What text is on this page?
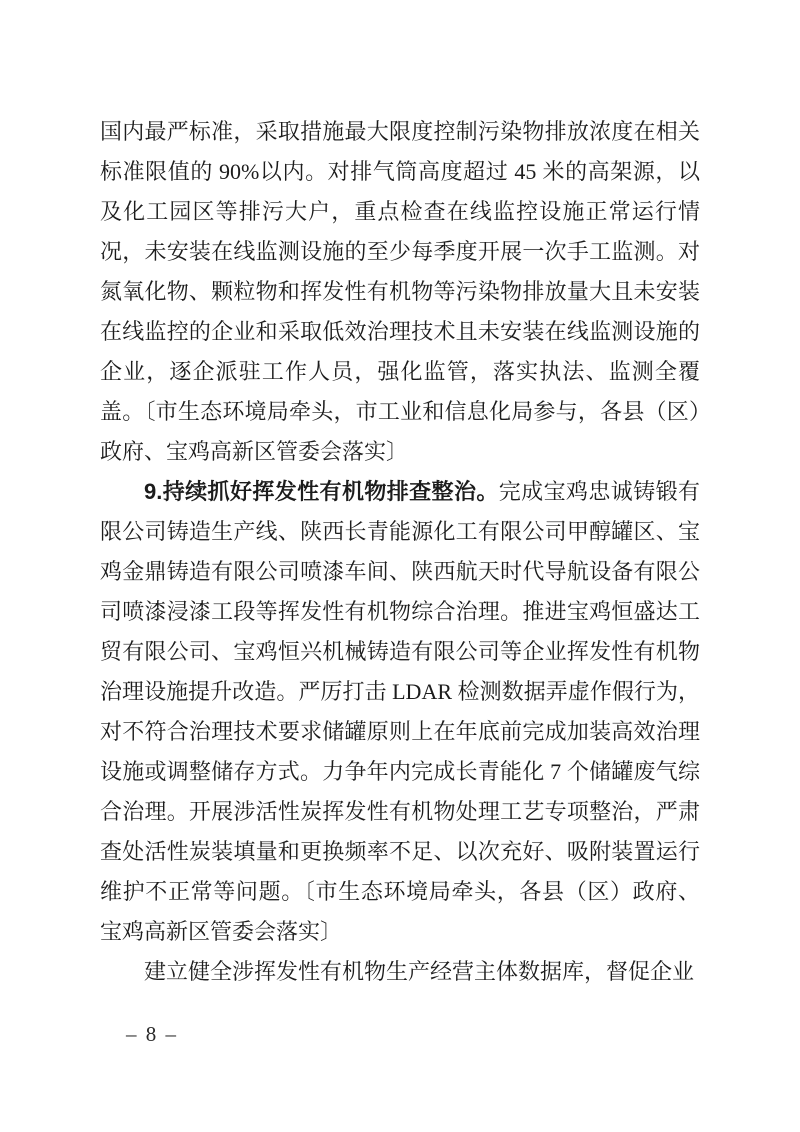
国内最严标准，采取措施最大限度控制污染物排放浓度在相关标准限值的 90%以内。对排气筒高度超过 45 米的高架源，以及化工园区等排污大户，重点检查在线监控设施正常运行情况，未安装在线监测设施的至少每季度开展一次手工监测。对氮氧化物、颗粒物和挥发性有机物等污染物排放量大且未安装在线监控的企业和采取低效治理技术且未安装在线监测设施的企业，逐企派驻工作人员，强化监管，落实执法、监测全覆盖。〔市生态环境局牵头，市工业和信息化局参与，各县（区）政府、宝鸡高新区管委会落实〕

9.持续抓好挥发性有机物排查整治。完成宝鸡忠诚铸锻有限公司铸造生产线、陕西长青能源化工有限公司甲醇罐区、宝鸡金鼎铸造有限公司喷漆车间、陕西航天时代导航设备有限公司喷漆浸漆工段等挥发性有机物综合治理。推进宝鸡恒盛达工贸有限公司、宝鸡恒兴机械铸造有限公司等企业挥发性有机物治理设施提升改造。严厉打击 LDAR 检测数据弄虚作假行为，对不符合治理技术要求储罐原则上在年底前完成加装高效治理设施或调整储存方式。力争年内完成长青能化 7 个储罐废气综合治理。开展涉活性炭挥发性有机物处理工艺专项整治，严肃查处活性炭装填量和更换频率不足、以次充好、吸附装置运行维护不正常等问题。〔市生态环境局牵头，各县（区）政府、宝鸡高新区管委会落实〕

建立健全涉挥发性有机物生产经营主体数据库，督促企业

– 8 –
